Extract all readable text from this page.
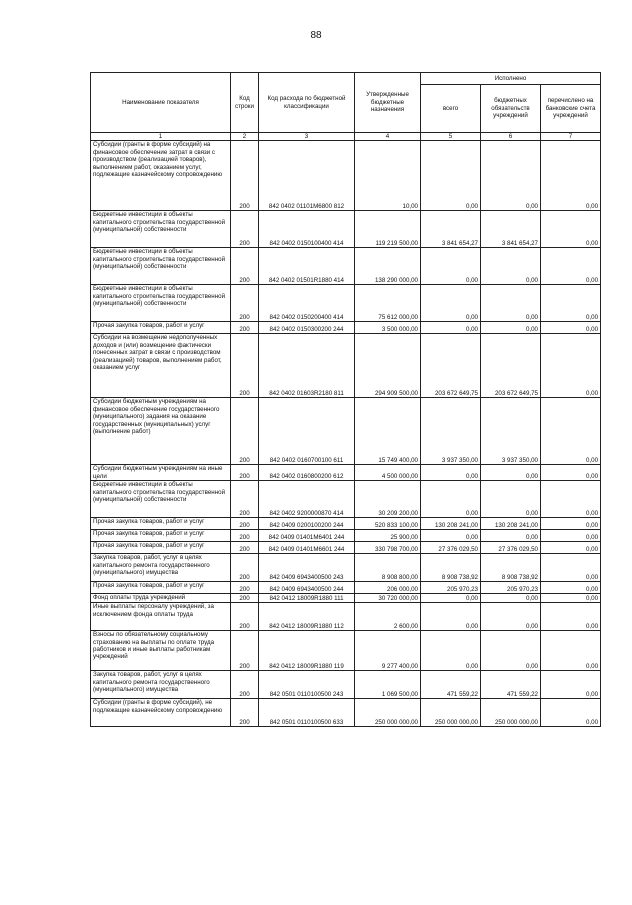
88
Наименование показателя	Код строки	Код расхода по бюджетной классификации	Утвержденные бюджетные назначения	Исполнено		
				всего	бюджетных обязательств учреждений	перечислено на банковские счета учреждений
1	2	3	4	5	6	7
Субсидии (гранты в форме субсидий) на финансовое обеспечение затрат в связи с производством (реализацией товаров), выполнением работ, оказанием услуг, подлежащие казначейскому сопровождению	200	842 0402 01101М6800 812	10,00	0,00	0,00	0,00
Бюджетные инвестиции в объекты капитального строительства государственной (муниципальной) собственности	200	842 0402 0150100400 414	119 219 500,00	3 841 654,27	3 841 654,27	0,00
Бюджетные инвестиции в объекты капитального строительства государственной (муниципальной) собственности	200	842 0402 01501R1880 414	138 290 000,00	0,00	0,00	0,00
Бюджетные инвестиции в объекты капитального строительства государственной (муниципальной) собственности	200	842 0402 0150200400 414	75 612 000,00	0,00	0,00	0,00
Прочая закупка товаров, работ и услуг	200	842 0402 0150300200 244	3 500 000,00	0,00	0,00	0,00
Субсидии на возмещение недополученных доходов и (или) возмещение фактически понесенных затрат в связи с производством (реализацией) товаров, выполнением работ, оказанием услуг	200	842 0402 01603R2180 811	294 909 500,00	203 672 649,75	203 672 649,75	0,00
Субсидии бюджетным учреждениям на финансовое обеспечение государственного (муниципального) задания на оказание государственных (муниципальных) услуг (выполнение работ)	200	842 0402 0160700100 611	15 749 400,00	3 937 350,00	3 937 350,00	0,00
Субсидии бюджетным учреждениям на иные цели	200	842 0402 0160800200 612	4 500 000,00	0,00	0,00	0,00
Бюджетные инвестиции в объекты капитального строительства государственной (муниципальной) собственности	200	842 0402 9200000870 414	30 209 200,00	0,00	0,00	0,00
Прочая закупка товаров, работ и услуг	200	842 0409 0200100200 244	520 833 100,00	130 208 241,00	130 208 241,00	0,00
Прочая закупка товаров, работ и услуг	200	842 0409 01401М6401 244	25 900,00	0,00	0,00	0,00
Прочая закупка товаров, работ и услуг	200	842 0409 01401М6601 244	330 798 700,00	27 376 029,50	27 376 029,50	0,00
Закупка товаров, работ, услуг в целях капитального ремонта государственного (муниципального) имущества	200	842 0409 6943400500 243	8 908 800,00	8 908 738,92	8 908 738,92	0,00
Прочая закупка товаров, работ и услуг	200	842 0409 6943400500 244	206 000,00	205 970,23	205 970,23	0,00
Фонд оплаты труда учреждений	200	842 0412 18009R1880 111	30 720 000,00	0,00	0,00	0,00
Иные выплаты персоналу учреждений, за исключением фонда оплаты труда	200	842 0412 18009R1880 112	2 600,00	0,00	0,00	0,00
Взносы по обязательному социальному страхованию на выплаты по оплате труда работников и иные выплаты работникам учреждений	200	842 0412 18009R1880 119	9 277 400,00	0,00	0,00	0,00
Закупка товаров, работ, услуг в целях капитального ремонта государственного (муниципального) имущества	200	842 0501 0110100500 243	1 069 500,00	471 559,22	471 559,22	0,00
Субсидии (гранты в форме субсидий), не подлежащие казначейскому сопровождению	200	842 0501 0110100500 633	250 000 000,00	250 000 000,00	250 000 000,00	0,00
